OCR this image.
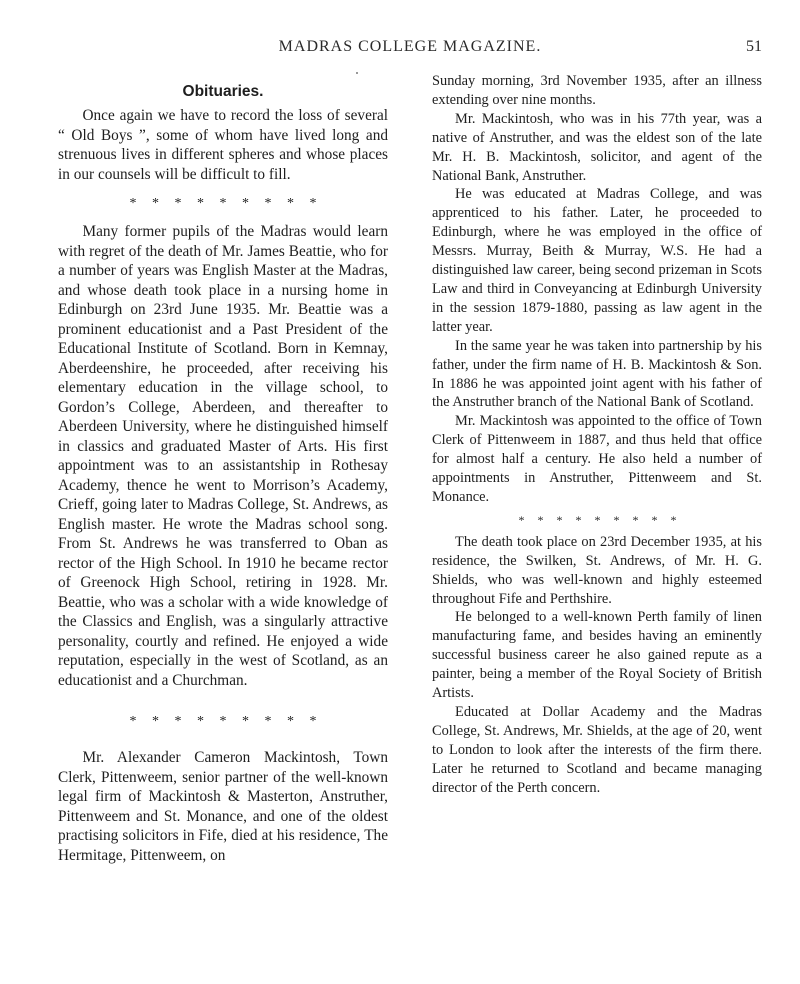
MADRAS COLLEGE MAGAZINE.	51
Obituaries.

Once again we have to record the loss of several “ Old Boys ”, some of whom have lived long and strenuous lives in different spheres and whose places in our counsels will be difficult to fill.

* * * * * * * * *

Many former pupils of the Madras would learn with regret of the death of Mr. James Beattie, who for a number of years was English Master at the Madras, and whose death took place in a nursing home in Edinburgh on 23rd June 1935. Mr. Beattie was a prominent educationist and a Past President of the Educational Institute of Scotland. Born in Kemnay, Aberdeenshire, he proceeded, after receiving his elementary education in the village school, to Gordon’s College, Aberdeen, and thereafter to Aberdeen University, where he distinguished himself in classics and graduated Master of Arts. His first appointment was to an assistantship in Rothesay Academy, thence he went to Morrison’s Academy, Crieff, going later to Madras College, St. Andrews, as English master. He wrote the Madras school song. From St. Andrews he was transferred to Oban as rector of the High School. In 1910 he became rector of Greenock High School, retiring in 1928. Mr. Beattie, who was a scholar with a wide knowledge of the Classics and English, was a singularly attractive personality, courtly and refined. He enjoyed a wide reputation, especially in the west of Scotland, as an educationist and a Churchman.

* * * * * * * * *

Mr. Alexander Cameron Mackintosh, Town Clerk, Pittenweem, senior partner of the well-known legal firm of Mackintosh & Masterton, Anstruther, Pittenweem and St. Monance, and one of the oldest practising solicitors in Fife, died at his residence, The Hermitage, Pittenweem, on

Sunday morning, 3rd November 1935, after an illness extending over nine months.

Mr. Mackintosh, who was in his 77th year, was a native of Anstruther, and was the eldest son of the late Mr. H. B. Mackintosh, solicitor, and agent of the National Bank, Anstruther.

He was educated at Madras College, and was apprenticed to his father. Later, he proceeded to Edinburgh, where he was employed in the office of Messrs. Murray, Beith & Murray, W.S. He had a distinguished law career, being second prizeman in Scots Law and third in Conveyancing at Edinburgh University in the session 1879-1880, passing as law agent in the latter year.

In the same year he was taken into partnership by his father, under the firm name of H. B. Mackintosh & Son. In 1886 he was appointed joint agent with his father of the Anstruther branch of the National Bank of Scotland.

Mr. Mackintosh was appointed to the office of Town Clerk of Pittenweem in 1887, and thus held that office for almost half a century. He also held a number of appointments in Anstruther, Pittenweem and St. Monance.

* * * * * * * * *

The death took place on 23rd December 1935, at his residence, the Swilken, St. Andrews, of Mr. H. G. Shields, who was well-known and highly esteemed throughout Fife and Perthshire.

He belonged to a well-known Perth family of linen manufacturing fame, and besides having an eminently successful business career he also gained repute as a painter, being a member of the Royal Society of British Artists.

Educated at Dollar Academy and the Madras College, St. Andrews, Mr. Shields, at the age of 20, went to London to look after the interests of the firm there. Later he returned to Scotland and became managing director of the Perth concern.
